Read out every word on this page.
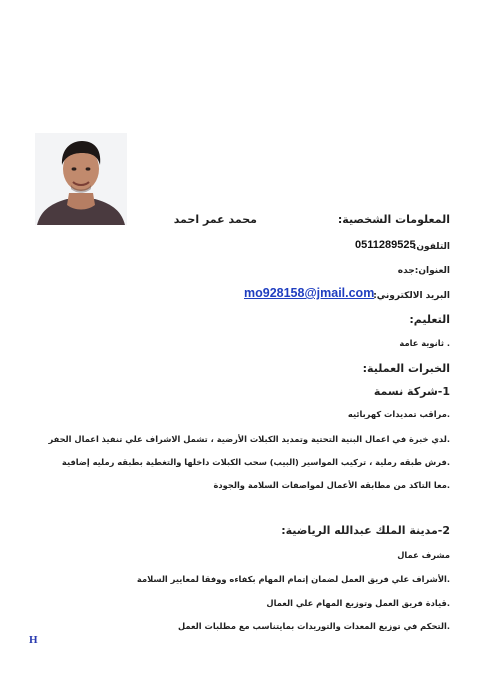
المعلومات الشخصية:
محمد عمر احمد
التلفون:
0511289525
العنوان:جده
البريد الالكتروني:
mo928158@jmail.com
التعليم:
. ثانوية عامة
الخبرات العملية:
1-شركة نسمة
.مراقب تمديدات كهربائيه
.لدي خبرة في اعمال البنية التحتية وتمديد الكبلات الأرضية ، تشمل الاشراف علي تنفيذ اعمال الحفر
.فرش طبقه رملية ، تركيب المواسير (البيب) سحب الكبلات داخلها والتغطية بطبقه رمليه إضافية
.معا التاكد من مطابقه الأعمال لمواصفات السلامة والجودة
2-مدينة الملك عبدالله الرياضية:
مشرف عمال
.الأشراف علي فريق العمل لضمان إتمام المهام بكفاءه ووفقا لمعايير السلامة
.قيادة فريق العمل وتوزيع المهام علي العمال
.التحكم في توزيع المعدات والتوريدات بمايتناسب مع مطلبات العمل
H
